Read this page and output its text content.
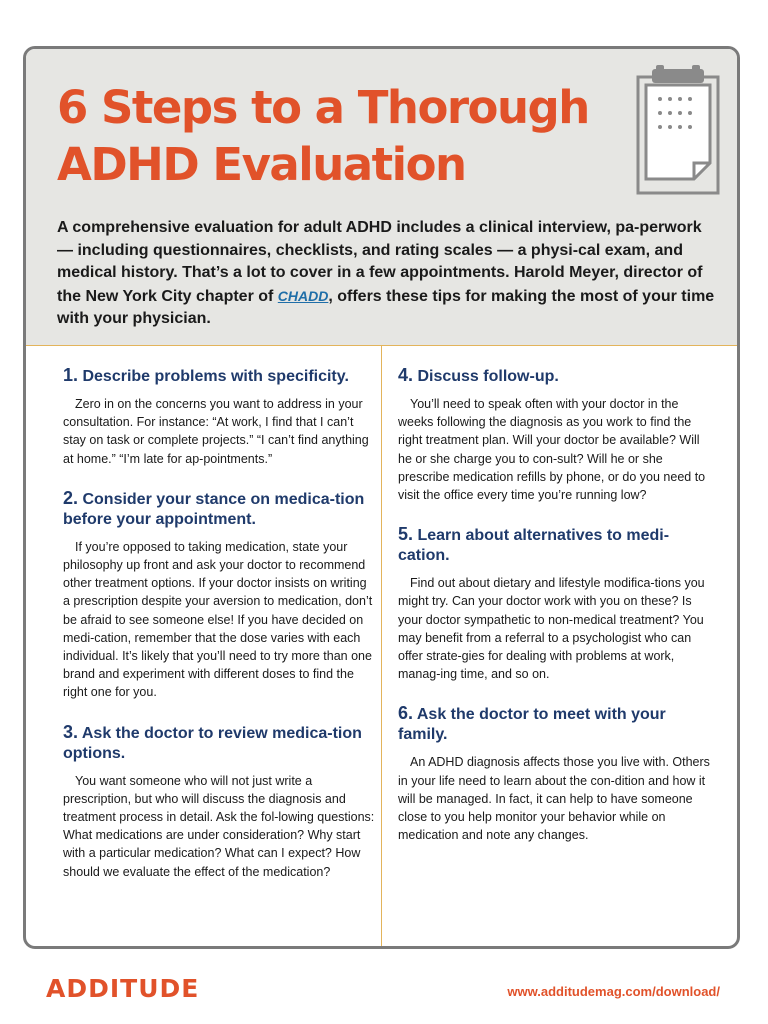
6 Steps to a Thorough
ADHD Evaluation

A comprehensive evaluation for adult ADHD includes a clinical interview, pa-perwork — including questionnaires, checklists, and rating scales — a physi-cal exam, and medical history. That’s a lot to cover in a few appointments. Harold Meyer, director of the New York City chapter of CHADD, offers these tips for making the most of your time with your physician.

1. Describe problems with specificity.

Zero in on the concerns you want to address in your consultation. For instance: “At work, I find that I can’t stay on task or complete projects.” “I can’t find anything at home.” “I’m late for ap-pointments.”

2. Consider your stance on medica-tion before your appointment.

If you’re opposed to taking medication, state your philosophy up front and ask your doctor to recommend other treatment options. If your doctor insists on writing a prescription despite your aversion to medication, don’t be afraid to see someone else! If you have decided on medi-cation, remember that the dose varies with each individual. It’s likely that you’ll need to try more than one brand and experiment with different doses to find the right one for you.

3. Ask the doctor to review medica-tion options.

You want someone who will not just write a prescription, but who will discuss the diagnosis and treatment process in detail. Ask the fol-lowing questions: What medications are under consideration? Why start with a particular medication? What can I expect? How should we evaluate the effect of the medication?

4. Discuss follow-up.

You’ll need to speak often with your doctor in the weeks following the diagnosis as you work to find the right treatment plan. Will your doctor be available? Will he or she charge you to con-sult? Will he or she prescribe medication refills by phone, or do you need to visit the office every time you’re running low?

5. Learn about alternatives to medi-cation.

Find out about dietary and lifestyle modifica-tions you might try. Can your doctor work with you on these? Is your doctor sympathetic to non-medical treatment? You may benefit from a referral to a psychologist who can offer strate-gies for dealing with problems at work, manag-ing time, and so on.

6. Ask the doctor to meet with your family.

An ADHD diagnosis affects those you live with. Others in your life need to learn about the con-dition and how it will be managed. In fact, it can help to have someone close to you help monitor your behavior while on medication and note any changes.

ADDITUDE	www.additudemag.com/download/
